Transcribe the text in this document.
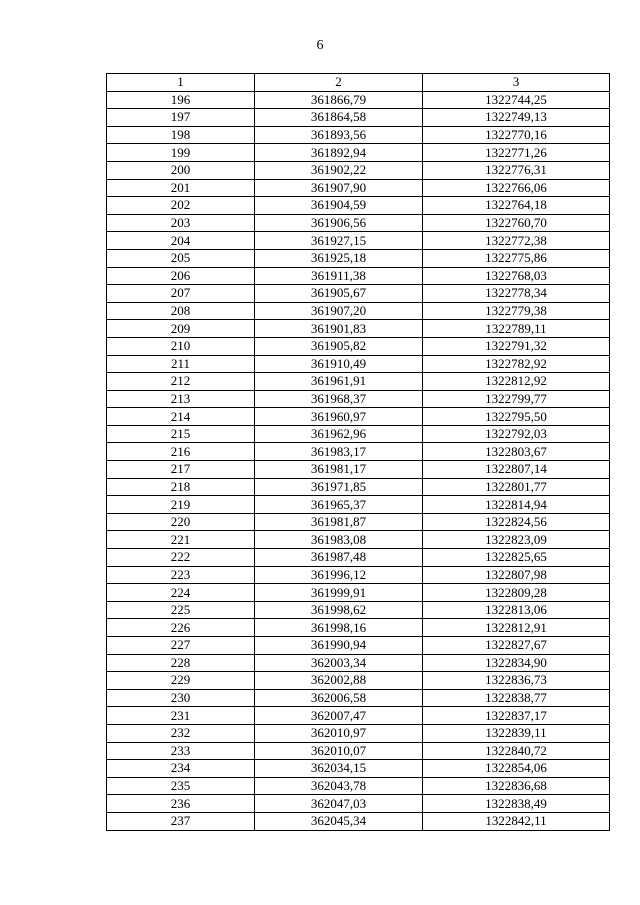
6
1	2	3
196	361866,79	1322744,25
197	361864,58	1322749,13
198	361893,56	1322770,16
199	361892,94	1322771,26
200	361902,22	1322776,31
201	361907,90	1322766,06
202	361904,59	1322764,18
203	361906,56	1322760,70
204	361927,15	1322772,38
205	361925,18	1322775,86
206	361911,38	1322768,03
207	361905,67	1322778,34
208	361907,20	1322779,38
209	361901,83	1322789,11
210	361905,82	1322791,32
211	361910,49	1322782,92
212	361961,91	1322812,92
213	361968,37	1322799,77
214	361960,97	1322795,50
215	361962,96	1322792,03
216	361983,17	1322803,67
217	361981,17	1322807,14
218	361971,85	1322801,77
219	361965,37	1322814,94
220	361981,87	1322824,56
221	361983,08	1322823,09
222	361987,48	1322825,65
223	361996,12	1322807,98
224	361999,91	1322809,28
225	361998,62	1322813,06
226	361998,16	1322812,91
227	361990,94	1322827,67
228	362003,34	1322834,90
229	362002,88	1322836,73
230	362006,58	1322838,77
231	362007,47	1322837,17
232	362010,97	1322839,11
233	362010,07	1322840,72
234	362034,15	1322854,06
235	362043,78	1322836,68
236	362047,03	1322838,49
237	362045,34	1322842,11
